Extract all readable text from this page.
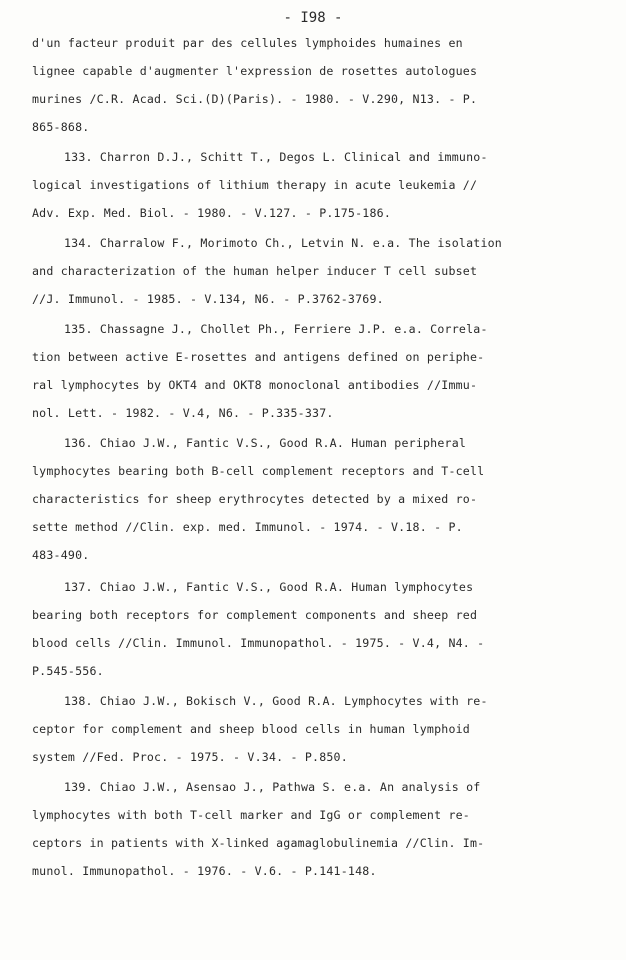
- I98 -
d'un facteur produit par des cellules lymphoides humaines en
lignee capable d'augmenter l'expression de rosettes autologues
murines /C.R. Acad. Sci.(D)(Paris). - 1980. - V.290, N13. - P.
865-868.
133. Charron D.J., Schitt T., Degos L. Clinical and immuno-
logical investigations of lithium therapy in acute leukemia //
Adv. Exp. Med. Biol. - 1980. - V.127. - P.175-186.
134. Charralow F., Morimoto Ch., Letvin N. e.a. The isolation
and characterization of the human helper inducer T cell subset
//J. Immunol. - 1985. - V.134, N6. - P.3762-3769.
135. Chassagne J., Chollet Ph., Ferriere J.P. e.a. Correla-
tion between active E-rosettes and antigens defined on periphe-
ral lymphocytes by OKT4 and OKT8 monoclonal antibodies //Immu-
nol. Lett. - 1982. - V.4, N6. - P.335-337.
136. Chiao J.W., Fantic V.S., Good R.A. Human peripheral
lymphocytes bearing both B-cell complement receptors and T-cell
characteristics for sheep erythrocytes detected by a mixed ro-
sette method //Clin. exp. med. Immunol. - 1974. - V.18. - P.
483-490.
137. Chiao J.W., Fantic V.S., Good R.A. Human lymphocytes
bearing both receptors for complement components and sheep red
blood cells //Clin. Immunol. Immunopathol. - 1975. - V.4, N4. -
P.545-556.
138. Chiao J.W., Bokisch V., Good R.A. Lymphocytes with re-
ceptor for complement and sheep blood cells in human lymphoid
system //Fed. Proc. - 1975. - V.34. - P.850.
139. Chiao J.W., Asensao J., Pathwa S. e.a. An analysis of
lymphocytes with both T-cell marker and IgG or complement re-
ceptors in patients with X-linked agamaglobulinemia //Clin. Im-
munol. Immunopathol. - 1976. - V.6. - P.141-148.
